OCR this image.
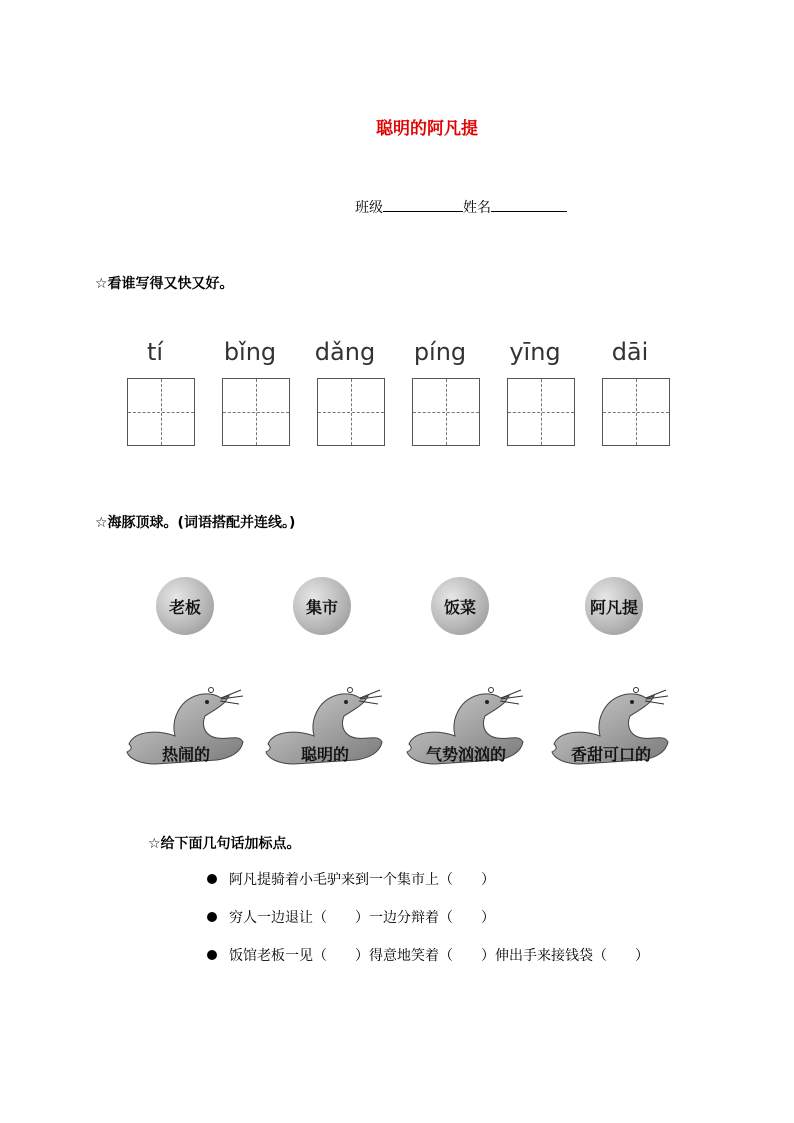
聪明的阿凡提
班级	姓名
☆看谁写得又快又好。
tí	bǐng	dǎng	píng	yīng	dāi
☆海豚顶球。(词语搭配并连线。)
老板	集市	饭菜	阿凡提
热闹的	聪明的	气势汹汹的	香甜可口的
☆给下面几句话加标点。
阿凡提骑着小毛驴来到一个集市上（　　）
穷人一边退让（　　）一边分辩着（　　）
饭馆老板一见（　　）得意地笑着（　　）伸出手来接钱袋（　　）
